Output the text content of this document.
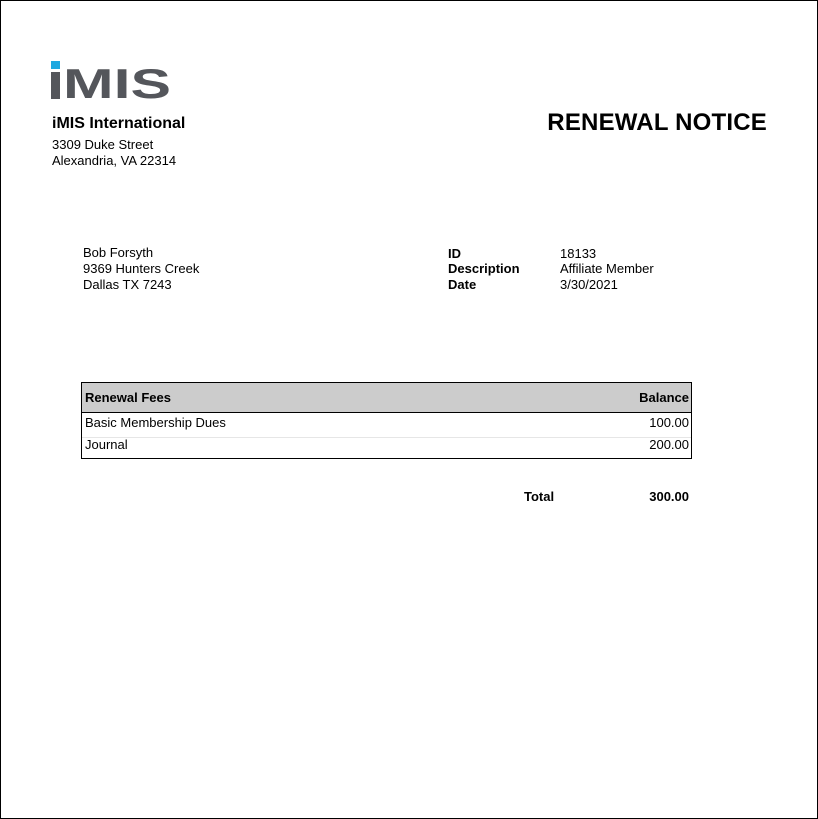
MIS
iMIS International
3309 Duke Street
Alexandria, VA 22314
RENEWAL NOTICE
Bob Forsyth
9369 Hunters Creek
Dallas TX 7243
ID	18133
Description	Affiliate Member
Date	3/30/2021
Renewal Fees	Balance
Basic Membership Dues	100.00
Journal	200.00
Total	300.00
